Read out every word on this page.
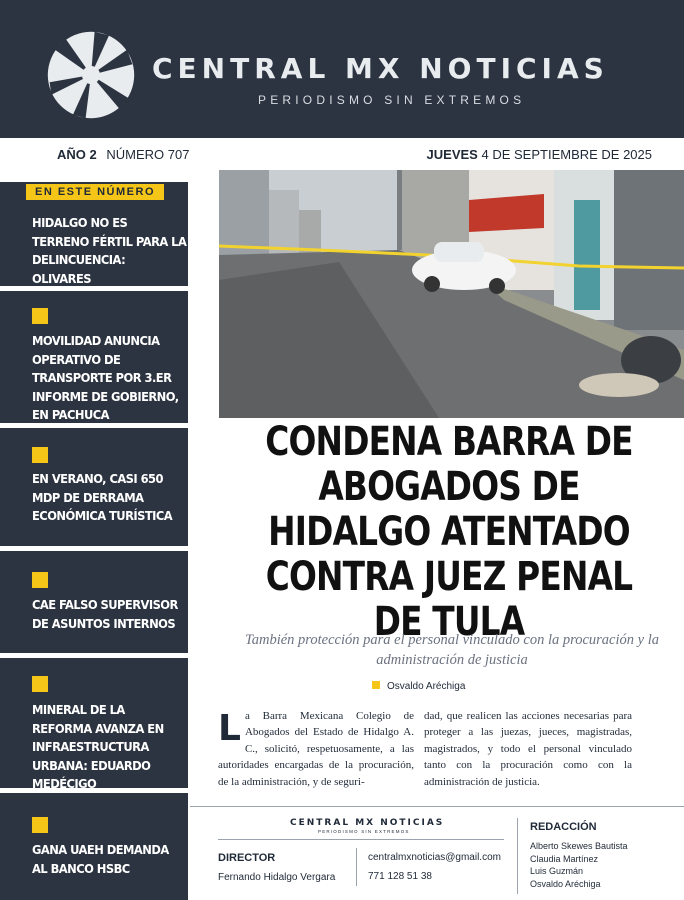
CENTRAL MX NOTICIAS
PERIODISMO SIN EXTREMOS
AÑO 2 NÚMERO 707	JUEVES 4 DE SEPTIEMBRE DE 2025
HIDALGO NO ES TERRENO FÉRTIL PARA LA DELINCUENCIA: OLIVARES
EN ESTE NÚMERO
MOVILIDAD ANUNCIA OPERATIVO DE TRANSPORTE POR 3.ER INFORME DE GOBIERNO, EN PACHUCA
EN VERANO, CASI 650 MDP DE DERRAMA ECONÓMICA TURÍSTICA
CAE FALSO SUPERVISOR DE ASUNTOS INTERNOS
MINERAL DE LA REFORMA AVANZA EN INFRAESTRUCTURA URBANA: EDUARDO MEDÉCIGO
GANA UAEH DEMANDA AL BANCO HSBC
CONDENA BARRA DE ABOGADOS DE HIDALGO ATENTADO CONTRA JUEZ PENAL DE TULA
También protección para el personal vinculado con la procuración y la administración de justicia
Osvaldo Aréchiga
La Barra Mexicana Colegio de Abogados del Estado de Hidalgo A. C., solicitó, respetuosamente, a las autoridades encargadas de la procuración, de la administración, y de seguri-
dad, que realicen las acciones necesarias para proteger a las juezas, jueces, magistradas, magistrados, y todo el personal vinculado tanto con la procuración como con la administración de justicia.
CENTRAL MX NOTICIAS
PERIODISMO SIN EXTREMOS
DIRECTOR
Fernando Hidalgo Vergara
centralmxnoticias@gmail.com
771 128 51 38
REDACCIÓN
Alberto Skewes Bautista
Claudia Martínez
Luis Guzmán
Osvaldo Aréchiga
